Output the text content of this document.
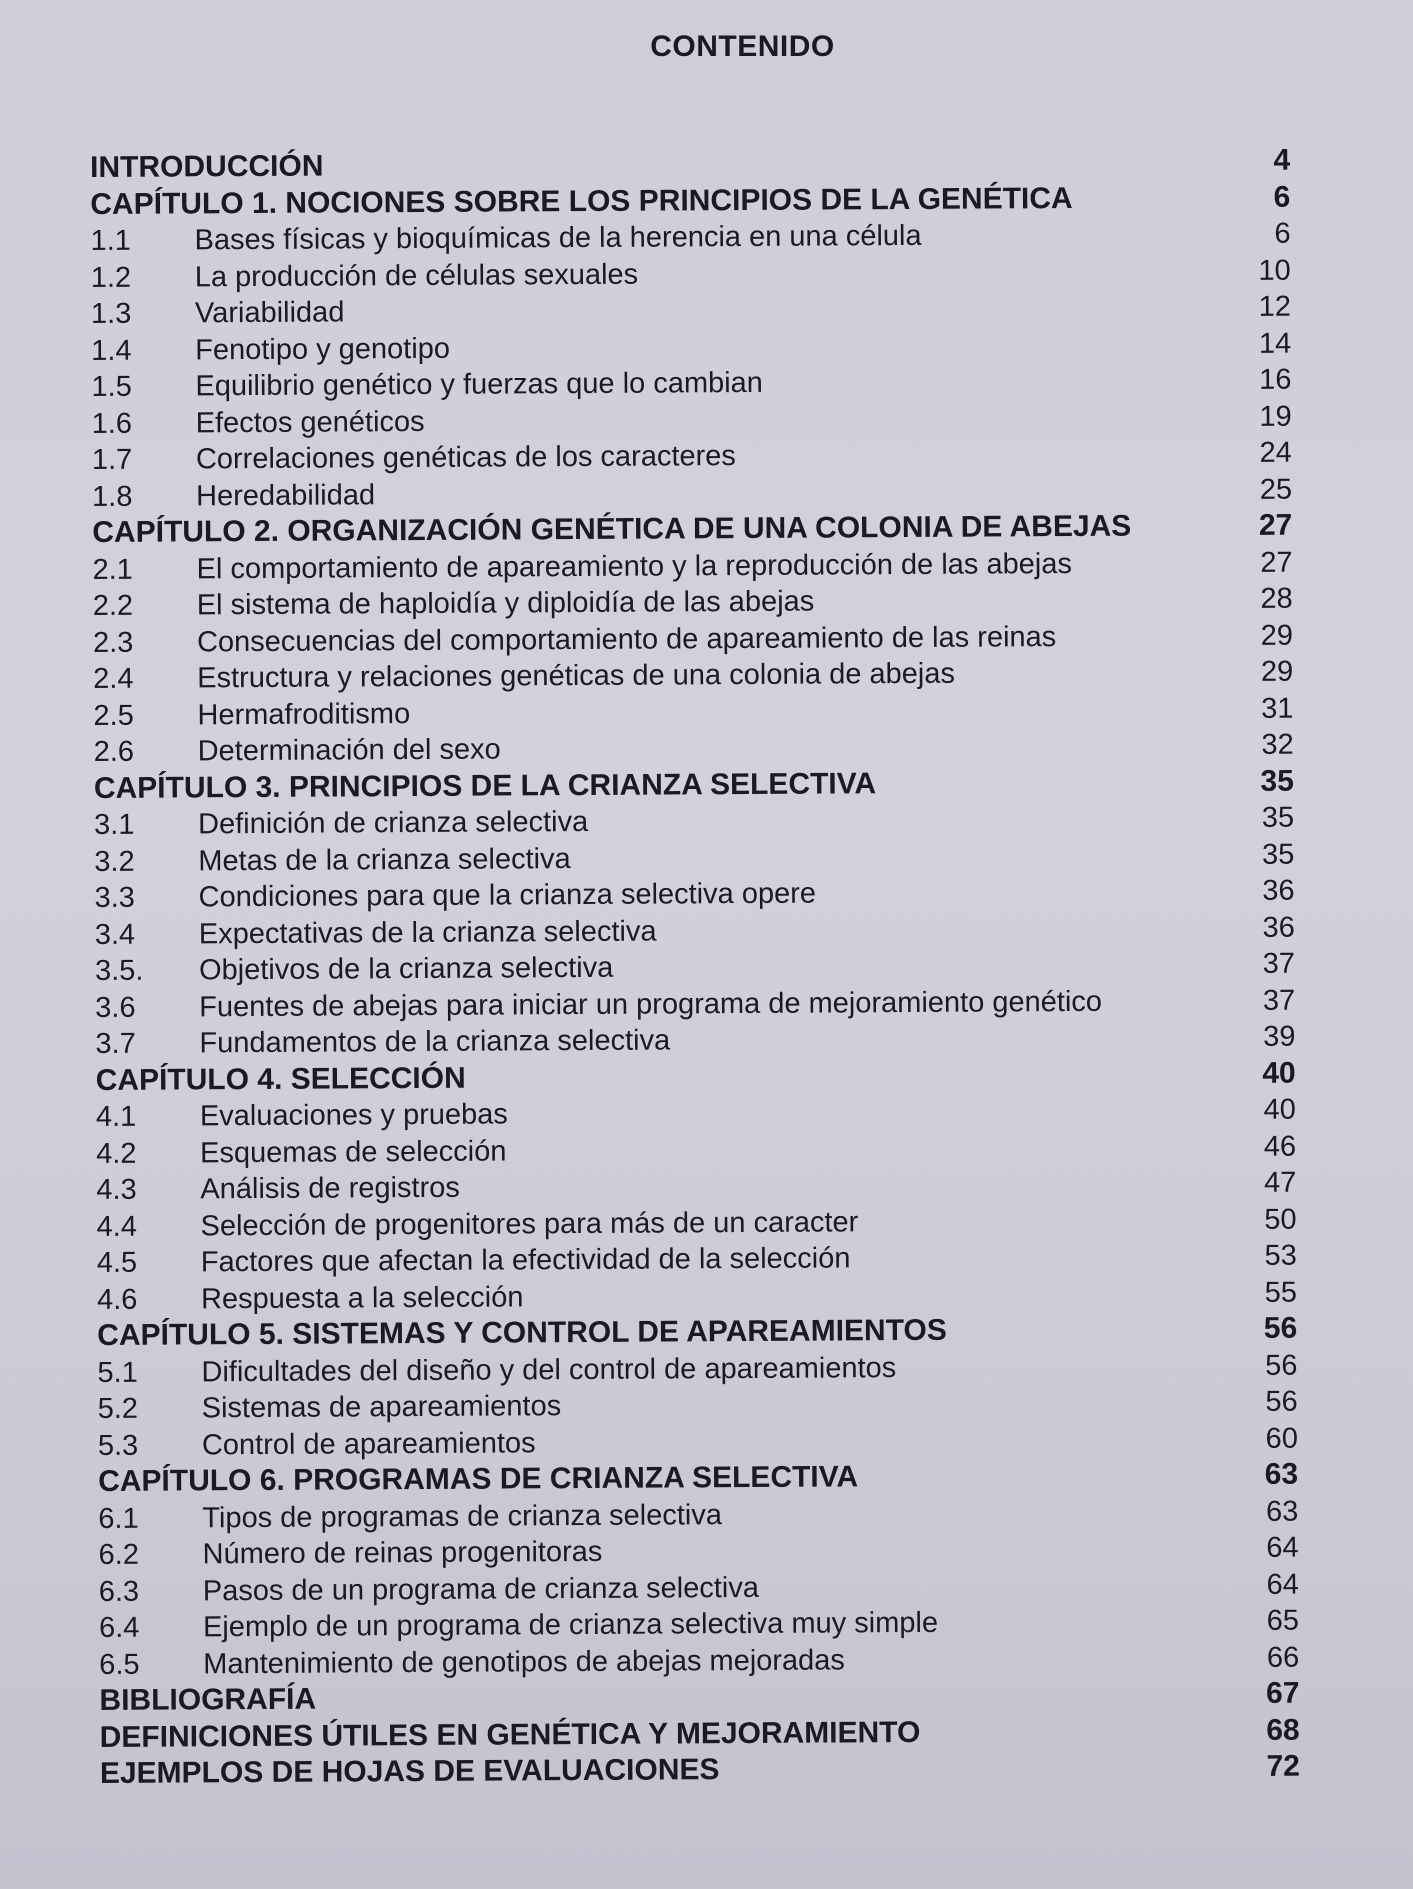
CONTENIDO
INTRODUCCIÓN	4
CAPÍTULO 1. NOCIONES SOBRE LOS PRINCIPIOS DE LA GENÉTICA	6
1.1	Bases físicas y bioquímicas de la herencia en una célula	6
1.2	La producción de células sexuales	10
1.3	Variabilidad	12
1.4	Fenotipo y genotipo	14
1.5	Equilibrio genético y fuerzas que lo cambian	16
1.6	Efectos genéticos	19
1.7	Correlaciones genéticas de los caracteres	24
1.8	Heredabilidad	25
CAPÍTULO 2. ORGANIZACIÓN GENÉTICA DE UNA COLONIA DE ABEJAS	27
2.1	El comportamiento de apareamiento y la reproducción de las abejas	27
2.2	El sistema de haploidía y diploidía de las abejas	28
2.3	Consecuencias del comportamiento de apareamiento de las reinas	29
2.4	Estructura y relaciones genéticas de una colonia de abejas	29
2.5	Hermafroditismo	31
2.6	Determinación del sexo	32
CAPÍTULO 3. PRINCIPIOS DE LA CRIANZA SELECTIVA	35
3.1	Definición de crianza selectiva	35
3.2	Metas de la crianza selectiva	35
3.3	Condiciones para que la crianza selectiva opere	36
3.4	Expectativas de la crianza selectiva	36
3.5.	Objetivos de la crianza selectiva	37
3.6	Fuentes de abejas para iniciar un programa de mejoramiento genético	37
3.7	Fundamentos de la crianza selectiva	39
CAPÍTULO 4. SELECCIÓN	40
4.1	Evaluaciones y pruebas	40
4.2	Esquemas de selección	46
4.3	Análisis de registros	47
4.4	Selección de progenitores para más de un caracter	50
4.5	Factores que afectan la efectividad de la selección	53
4.6	Respuesta a la selección	55
CAPÍTULO 5. SISTEMAS Y CONTROL DE APAREAMIENTOS	56
5.1	Dificultades del diseño y del control de apareamientos	56
5.2	Sistemas de apareamientos	56
5.3	Control de apareamientos	60
CAPÍTULO 6. PROGRAMAS DE CRIANZA SELECTIVA	63
6.1	Tipos de programas de crianza selectiva	63
6.2	Número de reinas progenitoras	64
6.3	Pasos de un programa de crianza selectiva	64
6.4	Ejemplo de un programa de crianza selectiva muy simple	65
6.5	Mantenimiento de genotipos de abejas mejoradas	66
BIBLIOGRAFÍA	67
DEFINICIONES ÚTILES EN GENÉTICA Y MEJORAMIENTO	68
EJEMPLOS DE HOJAS DE EVALUACIONES	72
